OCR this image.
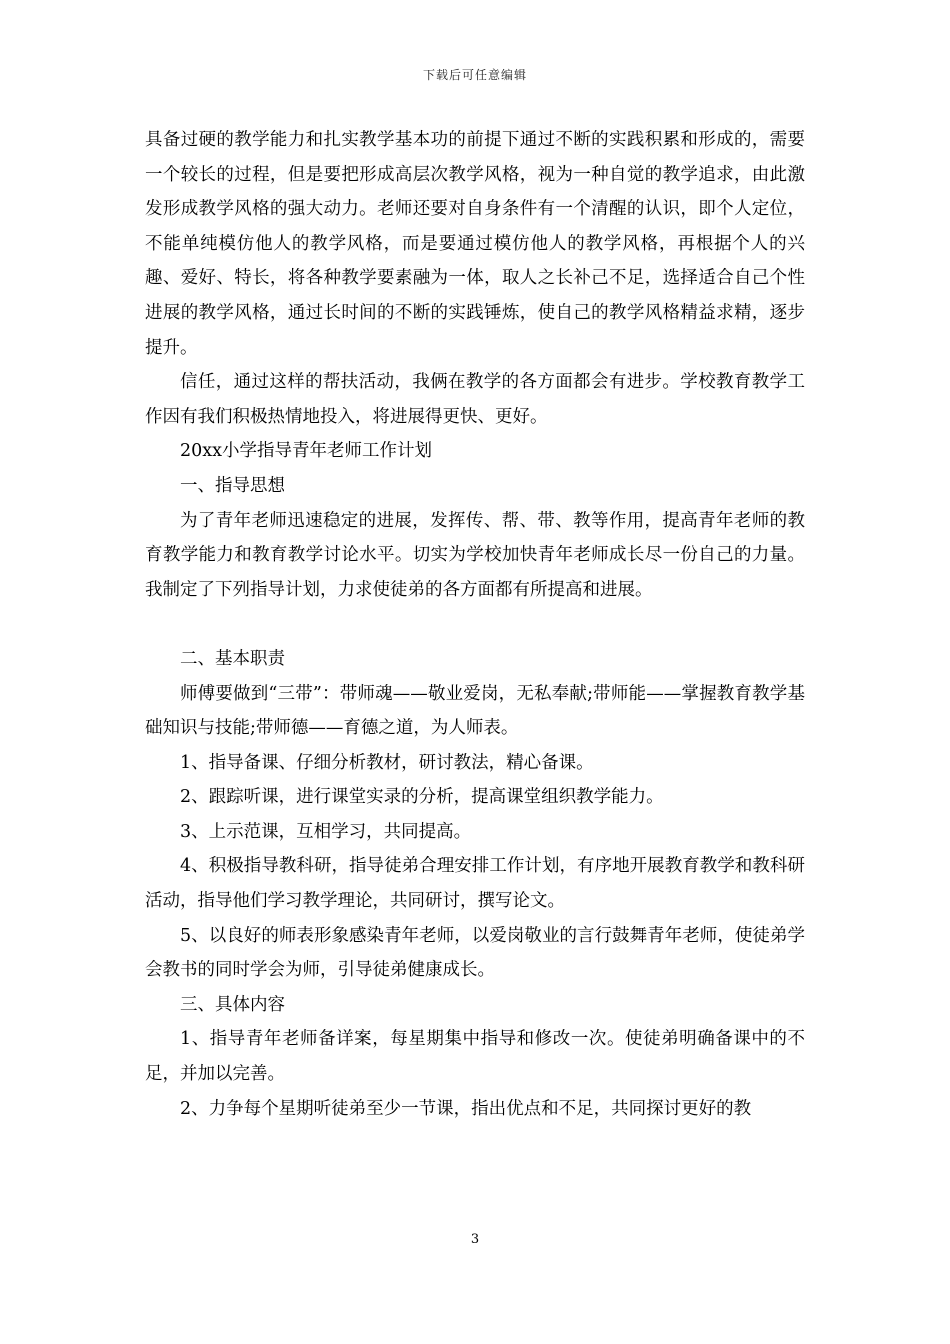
下载后可任意编辑

具备过硬的教学能力和扎实教学基本功的前提下通过不断的实践积累和形成的，需要一个较长的过程，但是要把形成高层次教学风格，视为一种自觉的教学追求，由此激发形成教学风格的强大动力。老师还要对自身条件有一个清醒的认识，即个人定位，不能单纯模仿他人的教学风格，而是要通过模仿他人的教学风格，再根据个人的兴趣、爱好、特长，将各种教学要素融为一体，取人之长补己不足，选择适合自己个性进展的教学风格，通过长时间的不断的实践锤炼，使自己的教学风格精益求精，逐步提升。

信任，通过这样的帮扶活动，我俩在教学的各方面都会有进步。学校教育教学工作因有我们积极热情地投入，将进展得更快、更好。

20xx小学指导青年老师工作计划

一、指导思想

为了青年老师迅速稳定的进展，发挥传、帮、带、教等作用，提高青年老师的教育教学能力和教育教学讨论水平。切实为学校加快青年老师成长尽一份自己的力量。我制定了下列指导计划，力求使徒弟的各方面都有所提高和进展。

二、基本职责

师傅要做到“三带”：带师魂——敬业爱岗，无私奉献;带师能——掌握教育教学基础知识与技能;带师德——育德之道，为人师表。

1、指导备课、仔细分析教材，研讨教法，精心备课。

2、跟踪听课，进行课堂实录的分析，提高课堂组织教学能力。

3、上示范课，互相学习，共同提高。

4、积极指导教科研，指导徒弟合理安排工作计划，有序地开展教育教学和教科研活动，指导他们学习教学理论，共同研讨，撰写论文。

5、以良好的师表形象感染青年老师，以爱岗敬业的言行鼓舞青年老师，使徒弟学会教书的同时学会为师，引导徒弟健康成长。

三、具体内容

1、指导青年老师备详案，每星期集中指导和修改一次。使徒弟明确备课中的不足，并加以完善。

2、力争每个星期听徒弟至少一节课，指出优点和不足，共同探讨更好的教

3
